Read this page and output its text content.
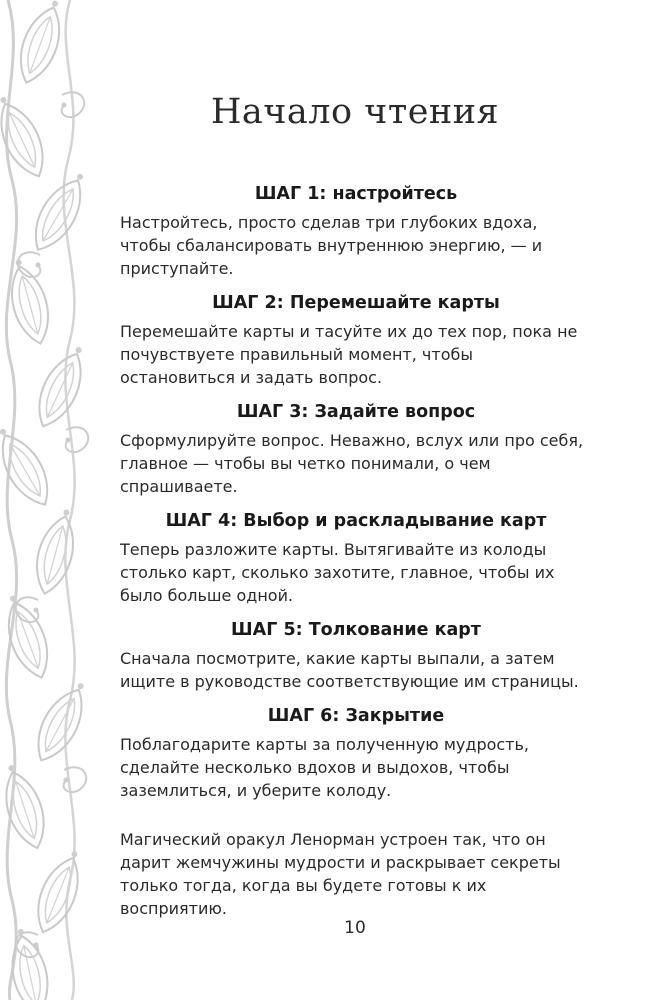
Начало чтения
ШАГ 1: настройтесь

Настройтесь, просто сделав три глубоких вдоха, чтобы сбалансировать внутреннюю энергию, — и приступайте.

ШАГ 2: Перемешайте карты

Перемешайте карты и тасуйте их до тех пор, пока не почувствуете правильный момент, чтобы остановиться и задать вопрос.

ШАГ 3: Задайте вопрос

Сформулируйте вопрос. Неважно, вслух или про себя, главное — чтобы вы четко понимали, о чем спрашиваете.

ШАГ 4: Выбор и раскладывание карт

Теперь разложите карты. Вытягивайте из колоды столько карт, сколько захотите, главное, чтобы их было больше одной.

ШАГ 5: Толкование карт

Сначала посмотрите, какие карты выпали, а затем ищите в руководстве соответствующие им страницы.

ШАГ 6: Закрытие

Поблагодарите карты за полученную мудрость, сделайте несколько вдохов и выдохов, чтобы заземлиться, и уберите колоду.

Магический оракул Ленорман устроен так, что он дарит жемчужины мудрости и раскрывает секреты только тогда, когда вы будете готовы к их восприятию.

10
